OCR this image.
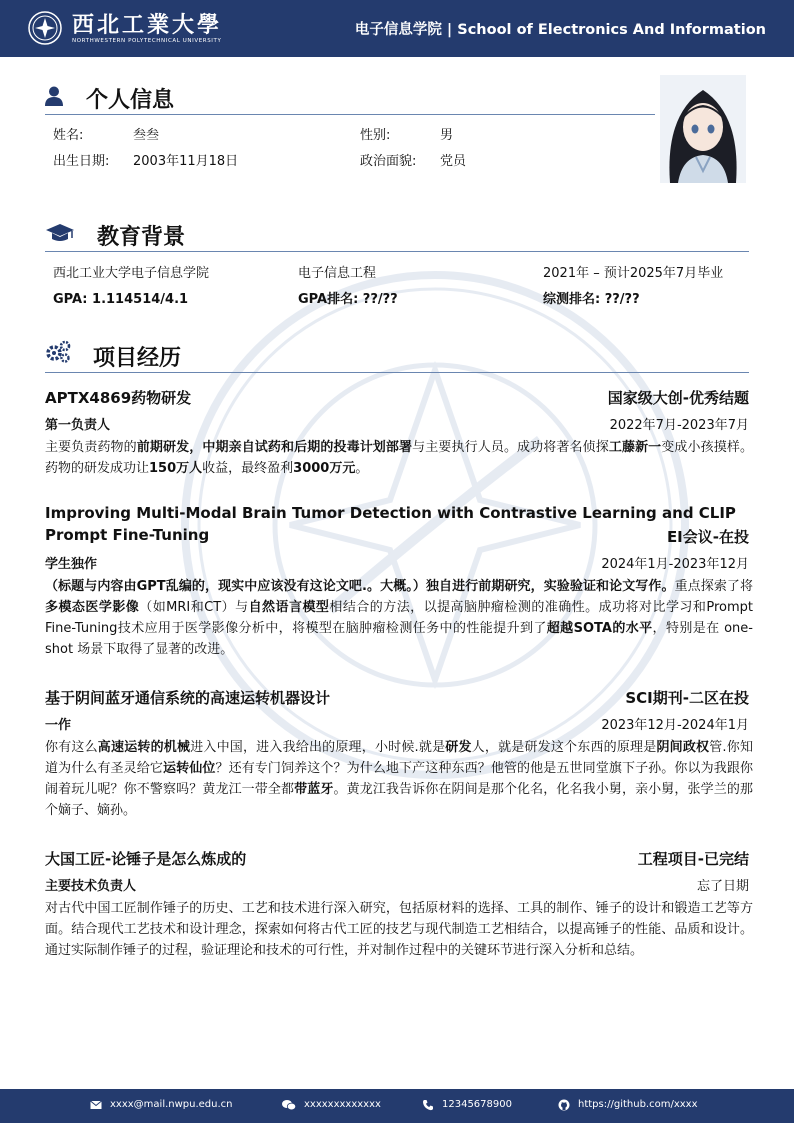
西北工業大學
NORTHWESTERN POLYTECHNICAL UNIVERSITY
电子信息学院 | School of Electronics And Information
个人信息
姓名:	叁叁	性别:	男
出生日期: 2003年11月18日	政治面貌: 党员
教育背景
西北工业大学电子信息学院	电子信息工程	2021年 – 预计2025年7月毕业
GPA: 1.114514/4.1	GPA排名: ??/??	综测排名: ??/??
项目经历
APTX4869药物研发	国家级大创-优秀结题
第一负责人	2022年7月-2023年7月
主要负责药物的前期研发，中期亲自试药和后期的投毒计划部署与主要执行人员。成功将著名侦探工藤新一变成小孩摸样。药物的研发成功让150万人收益，最终盈利3000万元。
Improving Multi-Modal Brain Tumor Detection with Contrastive Learning and CLIP
Prompt Fine-Tuning	EI会议-在投
学生独作	2024年1月-2023年12月
（标题与内容由GPT乱编的，现实中应该没有这论文吧.。大概。）独自进行前期研究，实验验证和论文写作。重点探索了将多模态医学影像（如MRI和CT）与自然语言模型相结合的方法，以提高脑肿瘤检测的准确性。成功将对比学习和Prompt Fine-Tuning技术应用于医学影像分析中，将模型在脑肿瘤检测任务中的性能提升到了超越SOTA的水平，特别是在 one-shot 场景下取得了显著的改进。
基于阴间蓝牙通信系统的高速运转机器设计	SCI期刊-二区在投
一作	2023年12月-2024年1月
你有这么高速运转的机械进入中国，进入我给出的原理，小时候.就是研发人，就是研发这个东西的原理是阴间政权管.你知道为什么有圣灵给它运转仙位？还有专门饲养这个？为什么地下产这种东西？他管的他是五世同堂旗下子孙。你以为我跟你闹着玩儿呢？你不警察吗？黄龙江一带全都带蓝牙。黄龙江我告诉你在阴间是那个化名，化名我小舅，亲小舅，张学兰的那个嫡子、嫡孙。
大国工匠-论锤子是怎么炼成的	工程项目-已完结
主要技术负责人	忘了日期
对古代中国工匠制作锤子的历史、工艺和技术进行深入研究，包括原材料的选择、工具的制作、锤子的设计和锻造工艺等方面。结合现代工艺技术和设计理念，探索如何将古代工匠的技艺与现代制造工艺相结合，以提高锤子的性能、品质和设计。通过实际制作锤子的过程，验证理论和技术的可行性，并对制作过程中的关键环节进行深入分析和总结。
xxxx@mail.nwpu.edu.cn	xxxxxxxxxxxxx	12345678900	https://github.com/xxxx
